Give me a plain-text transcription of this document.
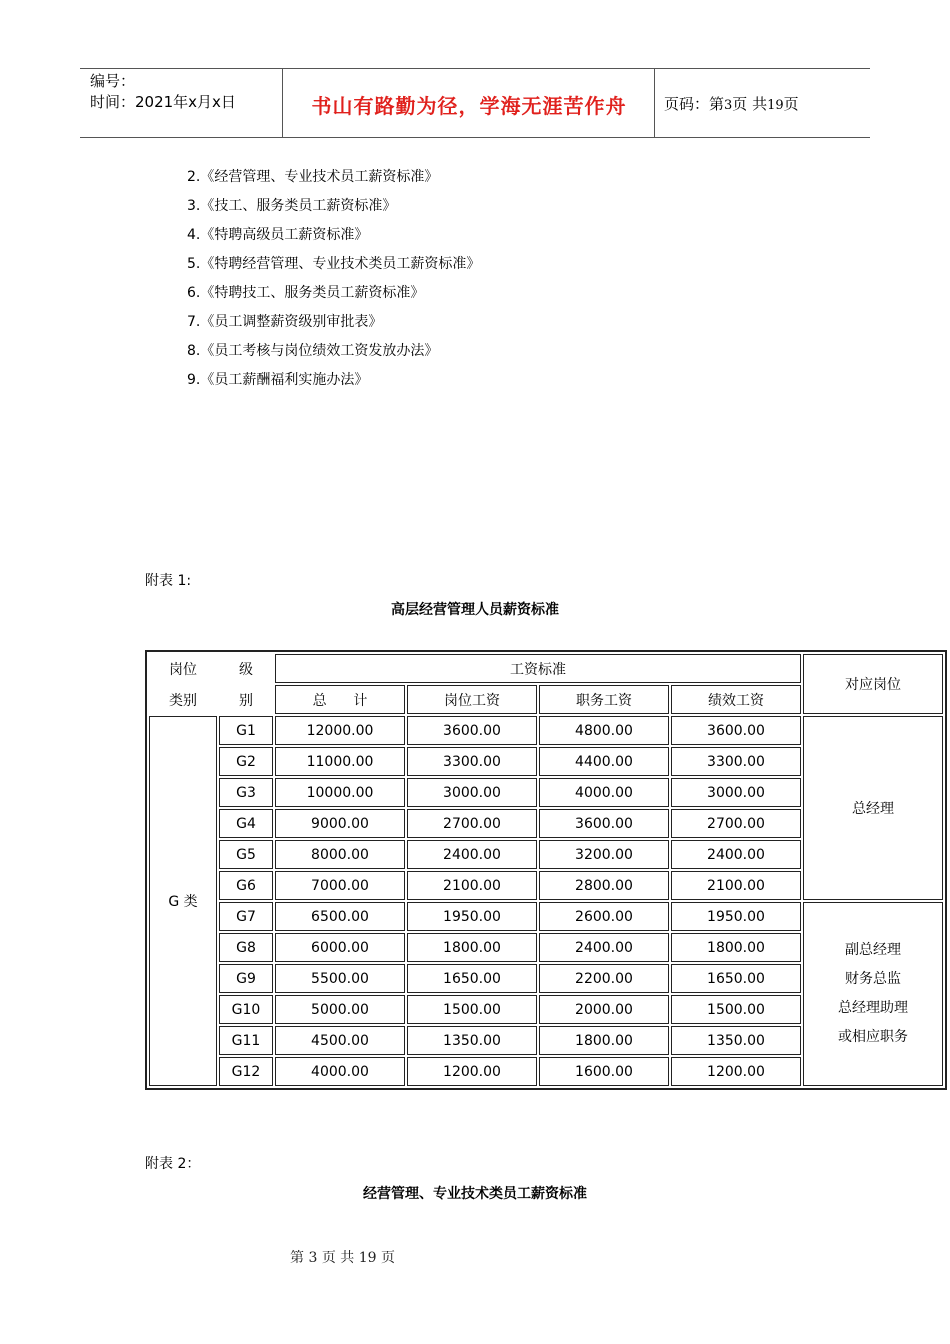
编号：
时间：2021年x月x日	书山有路勤为径，学海无涯苦作舟	页码：第3页 共19页
2.《经营管理、专业技术员工薪资标准》
3.《技工、服务类员工薪资标准》
4.《特聘高级员工薪资标准》
5.《特聘经营管理、专业技术类员工薪资标准》
6.《特聘技工、服务类员工薪资标准》
7.《员工调整薪资级别审批表》
8.《员工考核与岗位绩效工资发放办法》
9.《员工薪酬福利实施办法》
附表 1:
高层经营管理人员薪资标准
岗位	级	工资标准				对应岗位
类别	别	总      计	岗位工资	职务工资	绩效工资	
G 类	G1	12000.00	3600.00	4800.00	3600.00	总经理
	G2	11000.00	3300.00	4400.00	3300.00	
	G3	10000.00	3000.00	4000.00	3000.00	
	G4	9000.00	2700.00	3600.00	2700.00	
	G5	8000.00	2400.00	3200.00	2400.00	
	G6	7000.00	2100.00	2800.00	2100.00	
	G7	6500.00	1950.00	2600.00	1950.00	副总经理
财务总监
总经理助理
或相应职务

	G8	6000.00	1800.00	2400.00	1800.00	
	G9	5500.00	1650.00	2200.00	1650.00	
	G10	5000.00	1500.00	2000.00	1500.00	
	G11	4500.00	1350.00	1800.00	1350.00	
	G12	4000.00	1200.00	1600.00	1200.00	
附表 2：
经营管理、专业技术类员工薪资标准
第 3 页 共 19 页
